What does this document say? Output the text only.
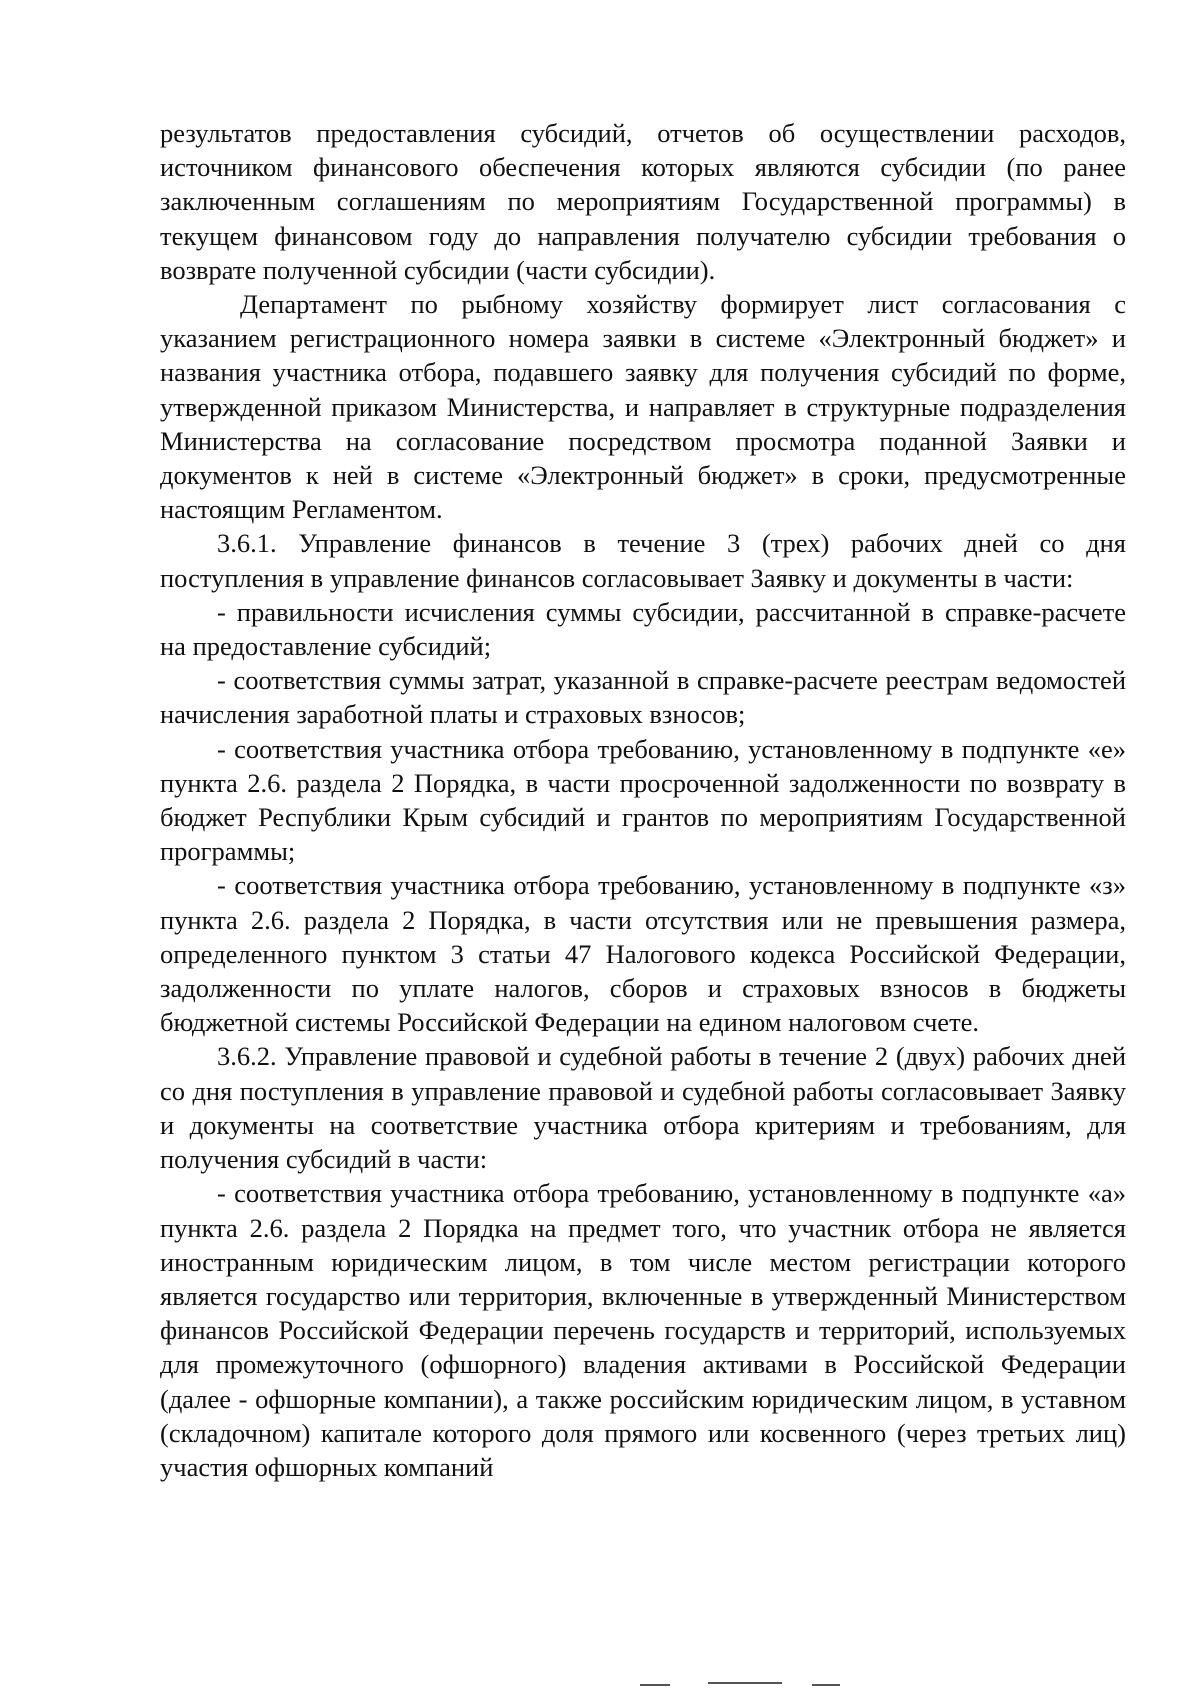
результатов предоставления субсидий, отчетов об осуществлении расходов, источником финансового обеспечения которых являются субсидии (по ранее заключенным соглашениям по мероприятиям Государственной программы) в текущем финансовом году до направления получателю субсидии требования о возврате полученной субсидии (части субсидии).

Департамент по рыбному хозяйству формирует лист согласования с указанием регистрационного номера заявки в системе «Электронный бюджет» и названия участника отбора, подавшего заявку для получения субсидий по форме, утвержденной приказом Министерства, и направляет в структурные подразделения Министерства на согласование посредством просмотра поданной Заявки и документов к ней в системе «Электронный бюджет» в сроки, предусмотренные настоящим Регламентом.

3.6.1. Управление финансов в течение 3 (трех) рабочих дней со дня поступления в управление финансов согласовывает Заявку и документы в части:

- правильности исчисления суммы субсидии, рассчитанной в справке-расчете на предоставление субсидий;

- соответствия суммы затрат, указанной в справке-расчете реестрам ведомостей начисления заработной платы и страховых взносов;

- соответствия участника отбора требованию, установленному в подпункте «е» пункта 2.6. раздела 2 Порядка, в части просроченной задолженности по возврату в бюджет Республики Крым субсидий и грантов по мероприятиям Государственной программы;

- соответствия участника отбора требованию, установленному в подпункте «з» пункта 2.6. раздела 2 Порядка, в части отсутствия или не превышения размера, определенного пунктом 3 статьи 47 Налогового кодекса Российской Федерации, задолженности по уплате налогов, сборов и страховых взносов в бюджеты бюджетной системы Российской Федерации на едином налоговом счете.

3.6.2. Управление правовой и судебной работы в течение 2 (двух) рабочих дней со дня поступления в управление правовой и судебной работы согласовывает Заявку и документы на соответствие участника отбора критериям и требованиям, для получения субсидий в части:

- соответствия участника отбора требованию, установленному в подпункте «а» пункта 2.6. раздела 2 Порядка на предмет того, что участник отбора не является иностранным юридическим лицом, в том числе местом регистрации которого является государство или территория, включенные в утвержденный Министерством финансов Российской Федерации перечень государств и территорий, используемых для промежуточного (офшорного) владения активами в Российской Федерации (далее - офшорные компании), а также российским юридическим лицом, в уставном (складочном) капитале которого доля прямого или косвенного (через третьих лиц) участия офшорных компаний
